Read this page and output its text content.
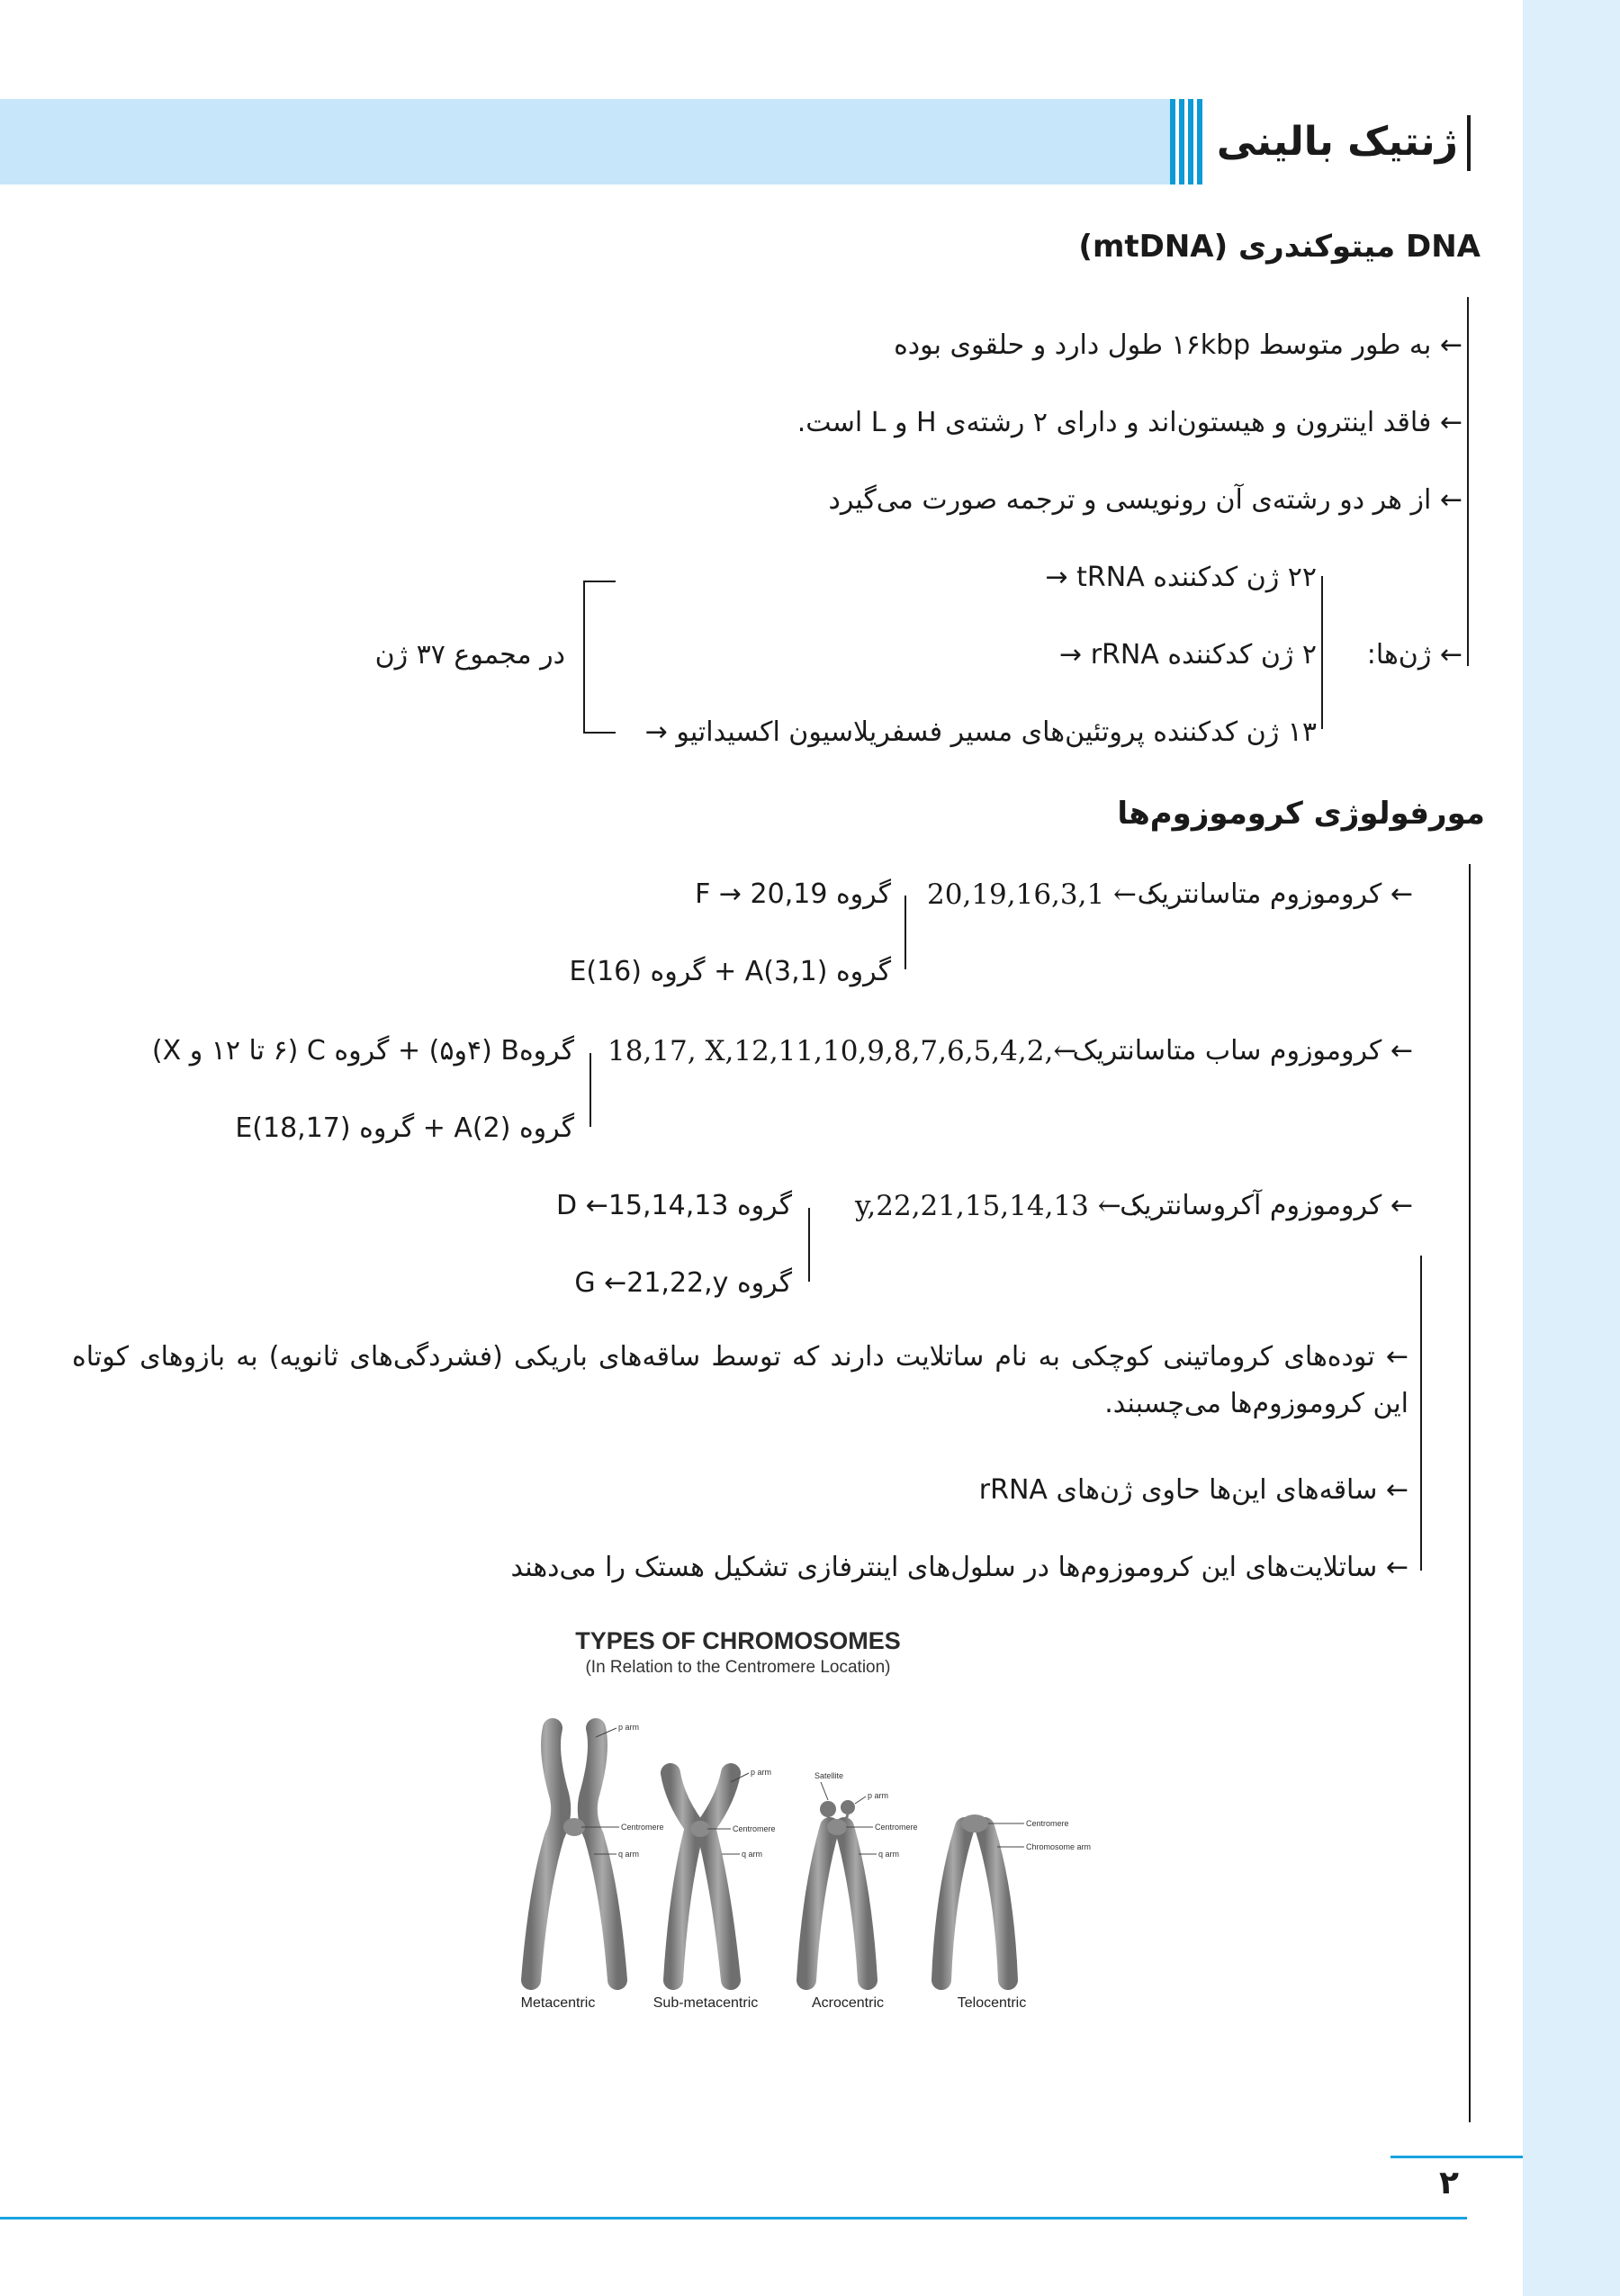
ژنتیک بالینی
DNA میتوکندری (mtDNA)
← به طور متوسط ۱۶kbp طول دارد و حلقوی بوده
← فاقد اینترون و هیستون‌اند و دارای ۲ رشته‌ی H و L است.
← از هر دو رشته‌ی آن رونویسی و ترجمه صورت می‌گیرد
← ژن‌ها:
۲۲ ژن کدکننده tRNA →
۲ ژن کدکننده rRNA →
۱۳ ژن کدکننده پروتئین‌های مسیر فسفریلاسیون اکسیداتیو →
در مجموع ۳۷ ژن
مورفولوژی کروموزوم‌ها
← کروموزوم متاسانتریک
20,19,16,3,1 ← :
گروه F → 20,19
گروه A(3,1) + گروه E(16)
← کروموزوم ساب متاسانتریک
18,17, X,12,11,10,9,8,7,6,5,4,2,←
گروهB (۴و۵) + گروه C (۶ تا ۱۲ و X)
گروه A(2) + گروه E(18,17)
← کروموزوم آکروسانتریک
y,22,21,15,14,13 ← :
گروه D ←15,14,13
گروه G ←21,22,y
← توده‌های کروماتینی کوچکی به نام ساتلایت دارند که توسط ساقه‌های باریکی (فشردگی‌های ثانویه) به بازوهای کوتاه این کروموزوم‌ها می‌چسبند.
← ساقه‌های این‌ها حاوی ژن‌های rRNA
← ساتلایت‌های این کروموزوم‌ها در سلول‌های اینترفازی تشکیل هستک را می‌دهند
TYPES OF CHROMOSOMES
(In Relation to the Centromere Location)
p arm
Centromere
q arm
Metacentric
p arm
Centromere
q arm
Sub-metacentric
Satellite
p arm
Centromere
q arm
Acrocentric
Centromere
Chromosome arm
Telocentric
۲
